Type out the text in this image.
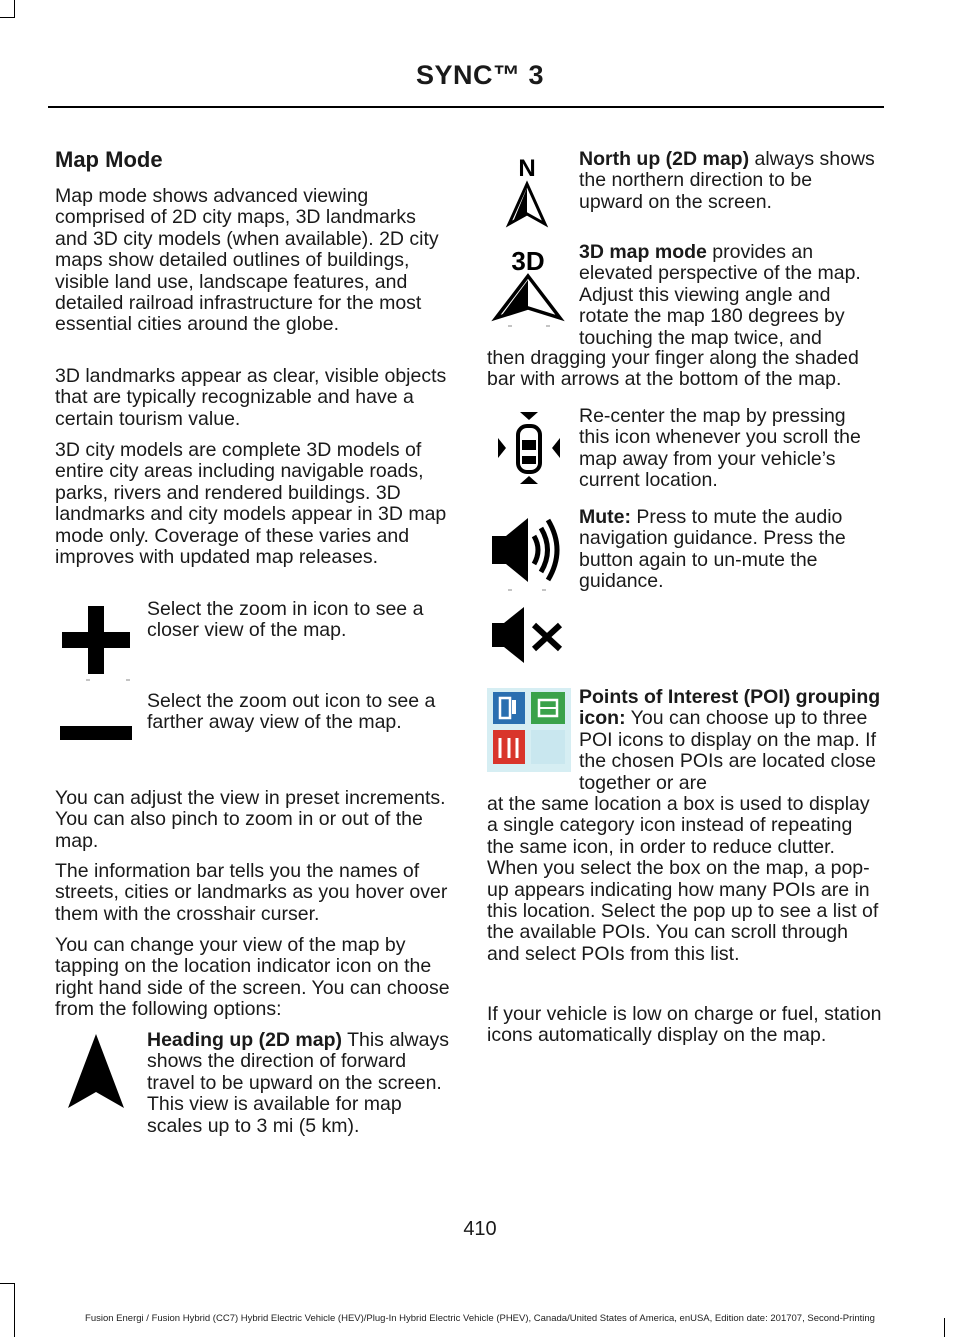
SYNC™ 3
Map Mode

Map mode shows advanced viewing comprised of 2D city maps, 3D landmarks and 3D city models (when available). 2D city maps show detailed outlines of buildings, visible land use, landscape features, and detailed railroad infrastructure for the most essential cities around the globe.

3D landmarks appear as clear, visible objects that are typically recognizable and have a certain tourism value.

3D city models are complete 3D models of entire city areas including navigable roads, parks, rivers and rendered buildings. 3D landmarks and city models appear in 3D map mode only. Coverage of these varies and improves with updated map releases.

Select the zoom in icon to see a closer view of the map.

Select the zoom out icon to see a farther away view of the map.

You can adjust the view in preset increments. You can also pinch to zoom in or out of the map.

The information bar tells you the names of streets, cities or landmarks as you hover over them with the crosshair curser.

You can change your view of the map by tapping on the location indicator icon on the right hand side of the screen. You can choose from the following options:

Heading up (2D map) This always shows the direction of forward travel to be upward on the screen. This view is available for map scales up to 3 mi (5 km).

N North up (2D map) always shows the northern direction to be upward on the screen.

3D 3D map mode provides an elevated perspective of the map. Adjust this viewing angle and rotate the map 180 degrees by touching the map twice, and

then dragging your finger along the shaded bar with arrows at the bottom of the map.

Re-center the map by pressing this icon whenever you scroll the map away from your vehicle’s current location.

Mute: Press to mute the audio navigation guidance. Press the button again to un-mute the guidance.

Points of Interest (POI) grouping icon: You can choose up to three POI icons to display on the map. If the chosen POIs are located close together or are

at the same location a box is used to display a single category icon instead of repeating the same icon, in order to reduce clutter. When you select the box on the map, a pop-up appears indicating how many POIs are in this location. Select the pop up to see a list of the available POIs. You can scroll through and select POIs from this list.

If your vehicle is low on charge or fuel, station icons automatically display on the map.

410
Fusion Energi / Fusion Hybrid (CC7) Hybrid Electric Vehicle (HEV)/Plug-In Hybrid Electric Vehicle (PHEV), Canada/United States of America, enUSA, Edition date: 201707, Second-Printing
